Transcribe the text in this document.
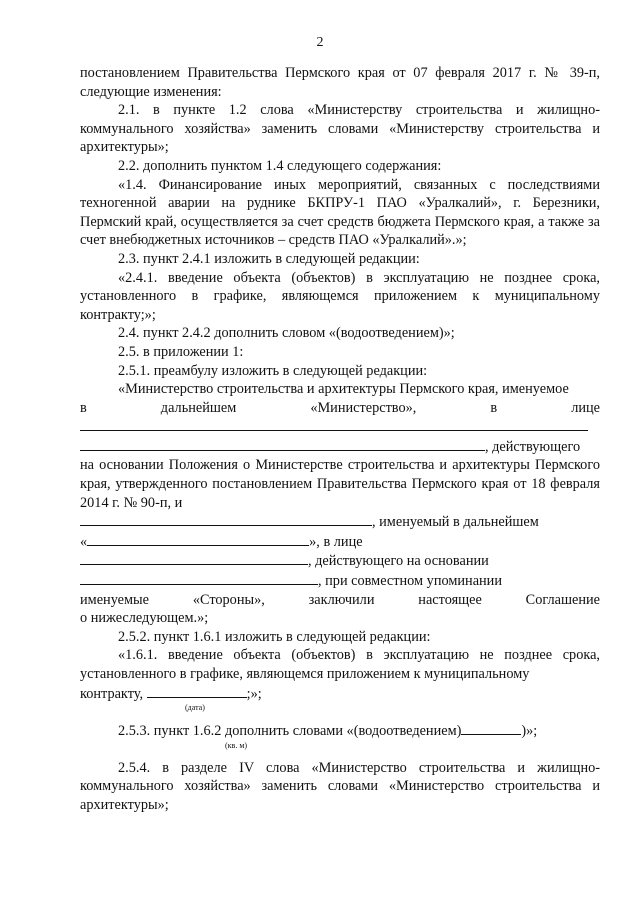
2

постановлением Правительства Пермского края от 07 февраля 2017 г. № 39-п, следующие изменения:

2.1. в пункте 1.2 слова «Министерству строительства и жилищно-коммунального хозяйства» заменить словами «Министерству строительства и архитектуры»;

2.2. дополнить пунктом 1.4 следующего содержания:

«1.4. Финансирование иных мероприятий, связанных с последствиями техногенной аварии на руднике БКПРУ-1 ПАО «Уралкалий», г. Березники, Пермский край, осуществляется за счет средств бюджета Пермского края, а также за счет внебюджетных источников – средств ПАО «Уралкалий».»;

2.3. пункт 2.4.1 изложить в следующей редакции:

«2.4.1. введение объекта (объектов) в эксплуатацию не позднее срока, установленного в графике, являющемся приложением к муниципальному контракту;»;

2.4. пункт 2.4.2 дополнить словом «(водоотведением)»;

2.5. в приложении 1:

2.5.1. преамбулу изложить в следующей редакции:

«Министерство строительства и архитектуры Пермского края, именуемое

в дальнейшем «Министерство», в лице

, действующего

на основании Положения о Министерстве строительства и архитектуры Пермского края, утвержденного постановлением Правительства Пермского края от 18 февраля 2014 г. № 90-п, и

, именуемый в дальнейшем

«	», в лице

, действующего на основании

, при совместном упоминании

именуемые «Стороны», заключили настоящее Соглашение

о нижеследующем.»;

2.5.2. пункт 1.6.1 изложить в следующей редакции:

«1.6.1. введение объекта (объектов) в эксплуатацию не позднее срока, установленного в графике, являющемся приложением к муниципальному

контракту,	;»;

(дата)

2.5.3. пункт 1.6.2 дополнить словами «(водоотведением)	)»;

(кв. м)

2.5.4. в разделе IV слова «Министерство строительства и жилищно-коммунального хозяйства» заменить словами «Министерство строительства и архитектуры»;
